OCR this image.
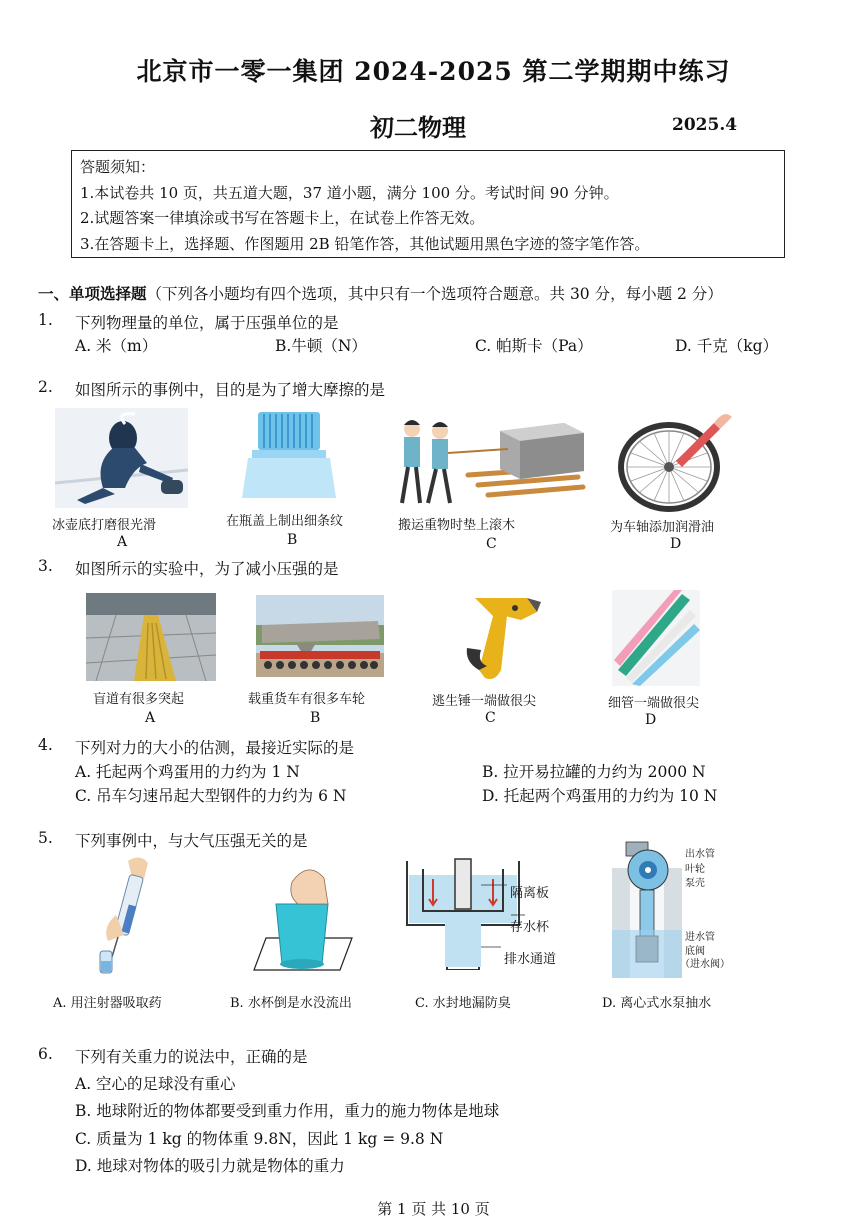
北京市一零一集团 2024-2025 第二学期期中练习
初二物理	2025.4
答题须知：
1.本试卷共 10 页，共五道大题，37 道小题，满分 100 分。考试时间 90 分钟。
2.试题答案一律填涂或书写在答题卡上，在试卷上作答无效。
3.在答题卡上，选择题、作图题用 2B 铅笔作答，其他试题用黑色字迹的签字笔作答。
一、单项选择题（下列各小题均有四个选项，其中只有一个选项符合题意。共 30 分，每小题 2 分）
1. 下列物理量的单位，属于压强单位的是
A. 米（m）	B.牛顿（N）	C. 帕斯卡（Pa）	D. 千克（kg）
2. 如图所示的事例中，目的是为了增大摩擦的是
冰壶底打磨很光滑
A
在瓶盖上制出细条纹
B
搬运重物时垫上滚木
C
为车轴添加润滑油
D
3. 如图所示的实验中，为了减小压强的是
盲道有很多突起
A
载重货车有很多车轮
B
逃生锤一端做很尖
C
细管一端做很尖
D
4. 下列对力的大小的估测，最接近实际的是
A. 托起两个鸡蛋用的力约为 1 N	B. 拉开易拉罐的力约为 2000 N
C. 吊车匀速吊起大型钢件的力约为 6 N	D. 托起两个鸡蛋用的力约为 10 N
5. 下列事例中，与大气压强无关的是
A. 用注射器吸取药	B. 水杯倒是水没流出
隔离板
存水杯
排水通道
C. 水封地漏防臭
出水管
叶轮
泵壳
进水管
底阀
（进水阀）
D. 离心式水泵抽水
6. 下列有关重力的说法中，正确的是
A. 空心的足球没有重心
B. 地球附近的物体都要受到重力作用，重力的施力物体是地球
C. 质量为 1 kg 的物体重 9.8N，因此 1 kg = 9.8 N
D. 地球对物体的吸引力就是物体的重力
第 1 页 共 10 页
